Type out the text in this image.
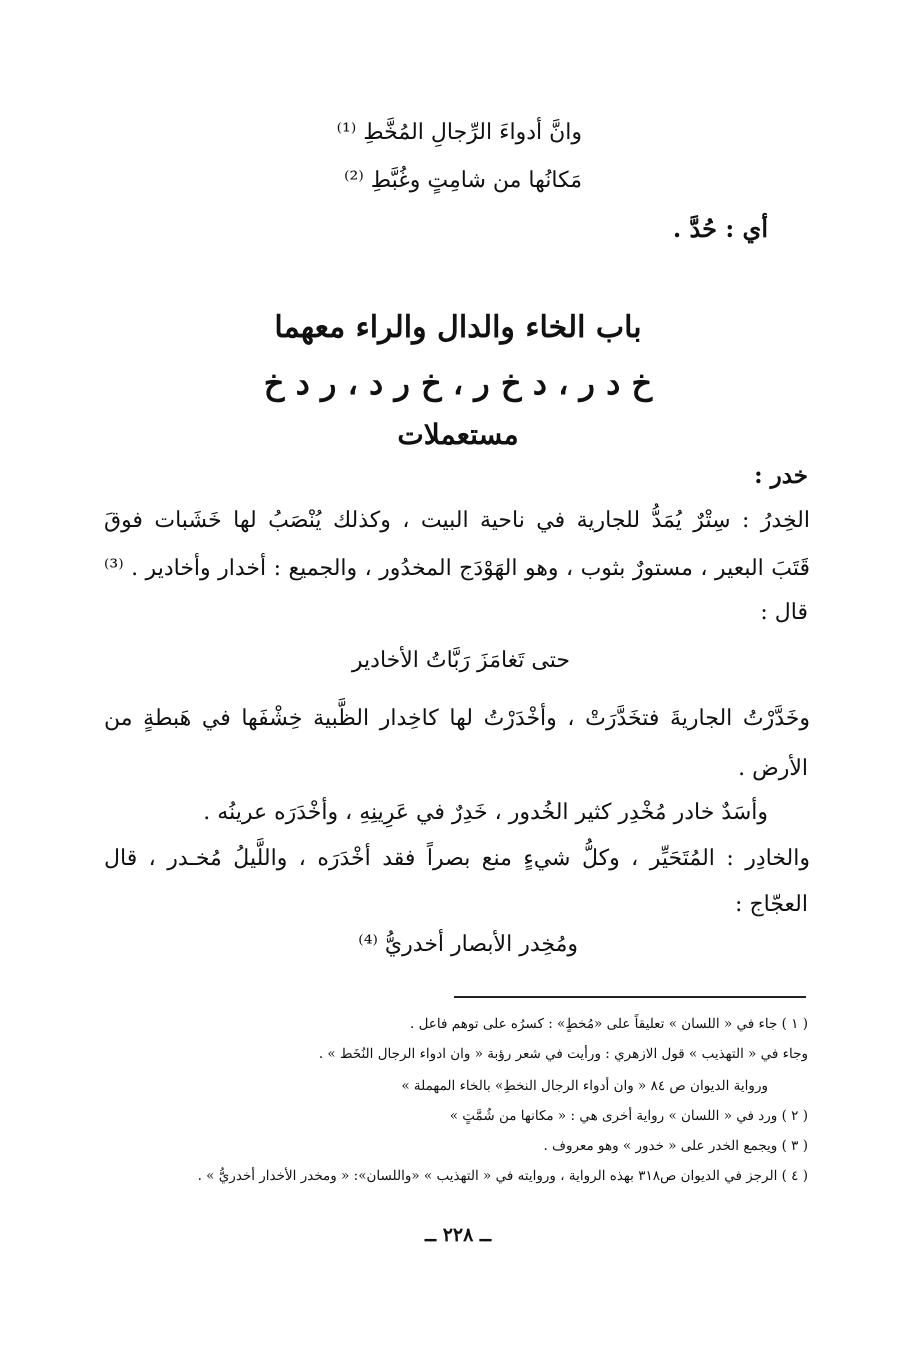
وانَّ أدواءَ الرِّجالِ المُخَّطِ ⁽¹⁾
مَكانُها من شامِتٍ وغُبَّطِ ⁽²⁾
أي : حُدَّ .
باب الخاء والدال والراء معهما
خ د ر ، د خ ر ، خ ر د ، ر د خ
مستعملات
خدر :
الخِدرُ : سِتْرٌ يُمَدُّ للجارية في ناحية البيت ، وكذلك يُنْصَبُ لها خَشَبات فوقَ
قَتَبَ البعير ، مستورٌ بثوب ، وهو الهَوْدَج المخدُور ، والجميع : أخدار وأخادير . ⁽³⁾
قال :
حتى تَغامَزَ رَبَّاتُ الأخادير
وخَدَّرْتُ الجاريةَ فتخَدَّرَتْ ، وأخْدَرْتُ لها كاخِدار الظَّبية خِشْفَها في هَبطةٍ من
الأرض .
وأسَدٌ خادر مُخْدِر كثير الخُدور ، خَدِرٌ في عَرِينِهِ ، وأخْدَرَه عرينُه .
والخادِر : المُتَحَيِّر ، وكلُّ شيءٍ منع بصراً فقد أخْدَرَه ، واللَّيلُ مُخـدر ، قال
العجّاج :
ومُخِدر الأبصار أخدريُّ ⁽⁴⁾
( ١ ) جاء في « اللسان » تعليقاً على «مُخطٍ» : كسرُه على توهم فاعل .
وجاء في « التهذيب » قول الازهري : ورأيت في شعر رؤبة « وان ادواء الرجال النُخَط » .
ورواية الديوان ص ٨٤ « وان أدواء الرجال النخطِ» بالخاء المهملة »
( ٢ ) ورد في « اللسان » رواية أخرى هي : « مكانها من شُمَّتٍ »
( ٣ ) ويجمع الخدر على « خدور » وهو معروف .
( ٤ ) الرجز في الديوان ص٣١٨ بهذه الرواية ، وروايته في « التهذيب » «واللسان»: « ومخدر الأخدار أخدريُّ » .
ــ ٢٢٨ ــ
